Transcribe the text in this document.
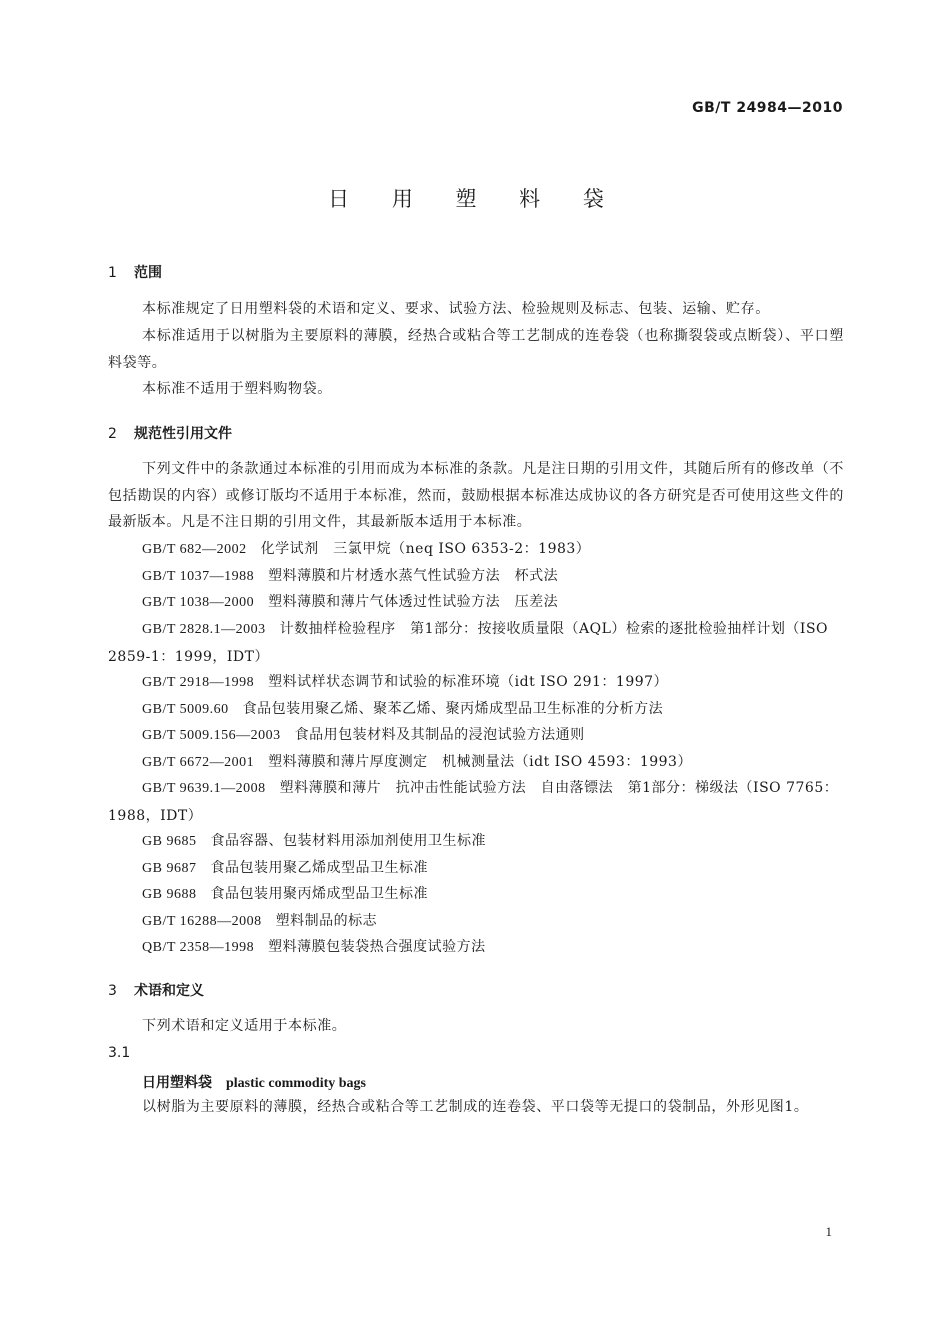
GB/T 24984—2010
日 用 塑 料 袋
1 范围
本标准规定了日用塑料袋的术语和定义、要求、试验方法、检验规则及标志、包装、运输、贮存。
本标准适用于以树脂为主要原料的薄膜，经热合或粘合等工艺制成的连卷袋（也称撕裂袋或点断袋）、平口塑料袋等。
本标准不适用于塑料购物袋。
2 规范性引用文件
下列文件中的条款通过本标准的引用而成为本标准的条款。凡是注日期的引用文件，其随后所有的修改单（不包括勘误的内容）或修订版均不适用于本标准，然而，鼓励根据本标准达成协议的各方研究是否可使用这些文件的最新版本。凡是不注日期的引用文件，其最新版本适用于本标准。
GB/T 682—2002 化学试剂　三氯甲烷（neq ISO 6353-2：1983）
GB/T 1037—1988 塑料薄膜和片材透水蒸气性试验方法　杯式法
GB/T 1038—2000 塑料薄膜和薄片气体透过性试验方法　压差法
GB/T 2828.1—2003 计数抽样检验程序　第1部分：按接收质量限（AQL）检索的逐批检验抽样计划（ISO 2859-1：1999，IDT）
GB/T 2918—1998 塑料试样状态调节和试验的标准环境（idt ISO 291：1997）
GB/T 5009.60 食品包装用聚乙烯、聚苯乙烯、聚丙烯成型品卫生标准的分析方法
GB/T 5009.156—2003 食品用包装材料及其制品的浸泡试验方法通则
GB/T 6672—2001 塑料薄膜和薄片厚度测定　机械测量法（idt ISO 4593：1993）
GB/T 9639.1—2008 塑料薄膜和薄片　抗冲击性能试验方法　自由落镖法　第1部分：梯级法（ISO 7765：1988，IDT）
GB 9685 食品容器、包装材料用添加剂使用卫生标准
GB 9687 食品包装用聚乙烯成型品卫生标准
GB 9688 食品包装用聚丙烯成型品卫生标准
GB/T 16288—2008 塑料制品的标志
QB/T 2358—1998 塑料薄膜包装袋热合强度试验方法
3 术语和定义
下列术语和定义适用于本标准。
3.1
日用塑料袋 plastic commodity bags
以树脂为主要原料的薄膜，经热合或粘合等工艺制成的连卷袋、平口袋等无提口的袋制品，外形见图1。
1
